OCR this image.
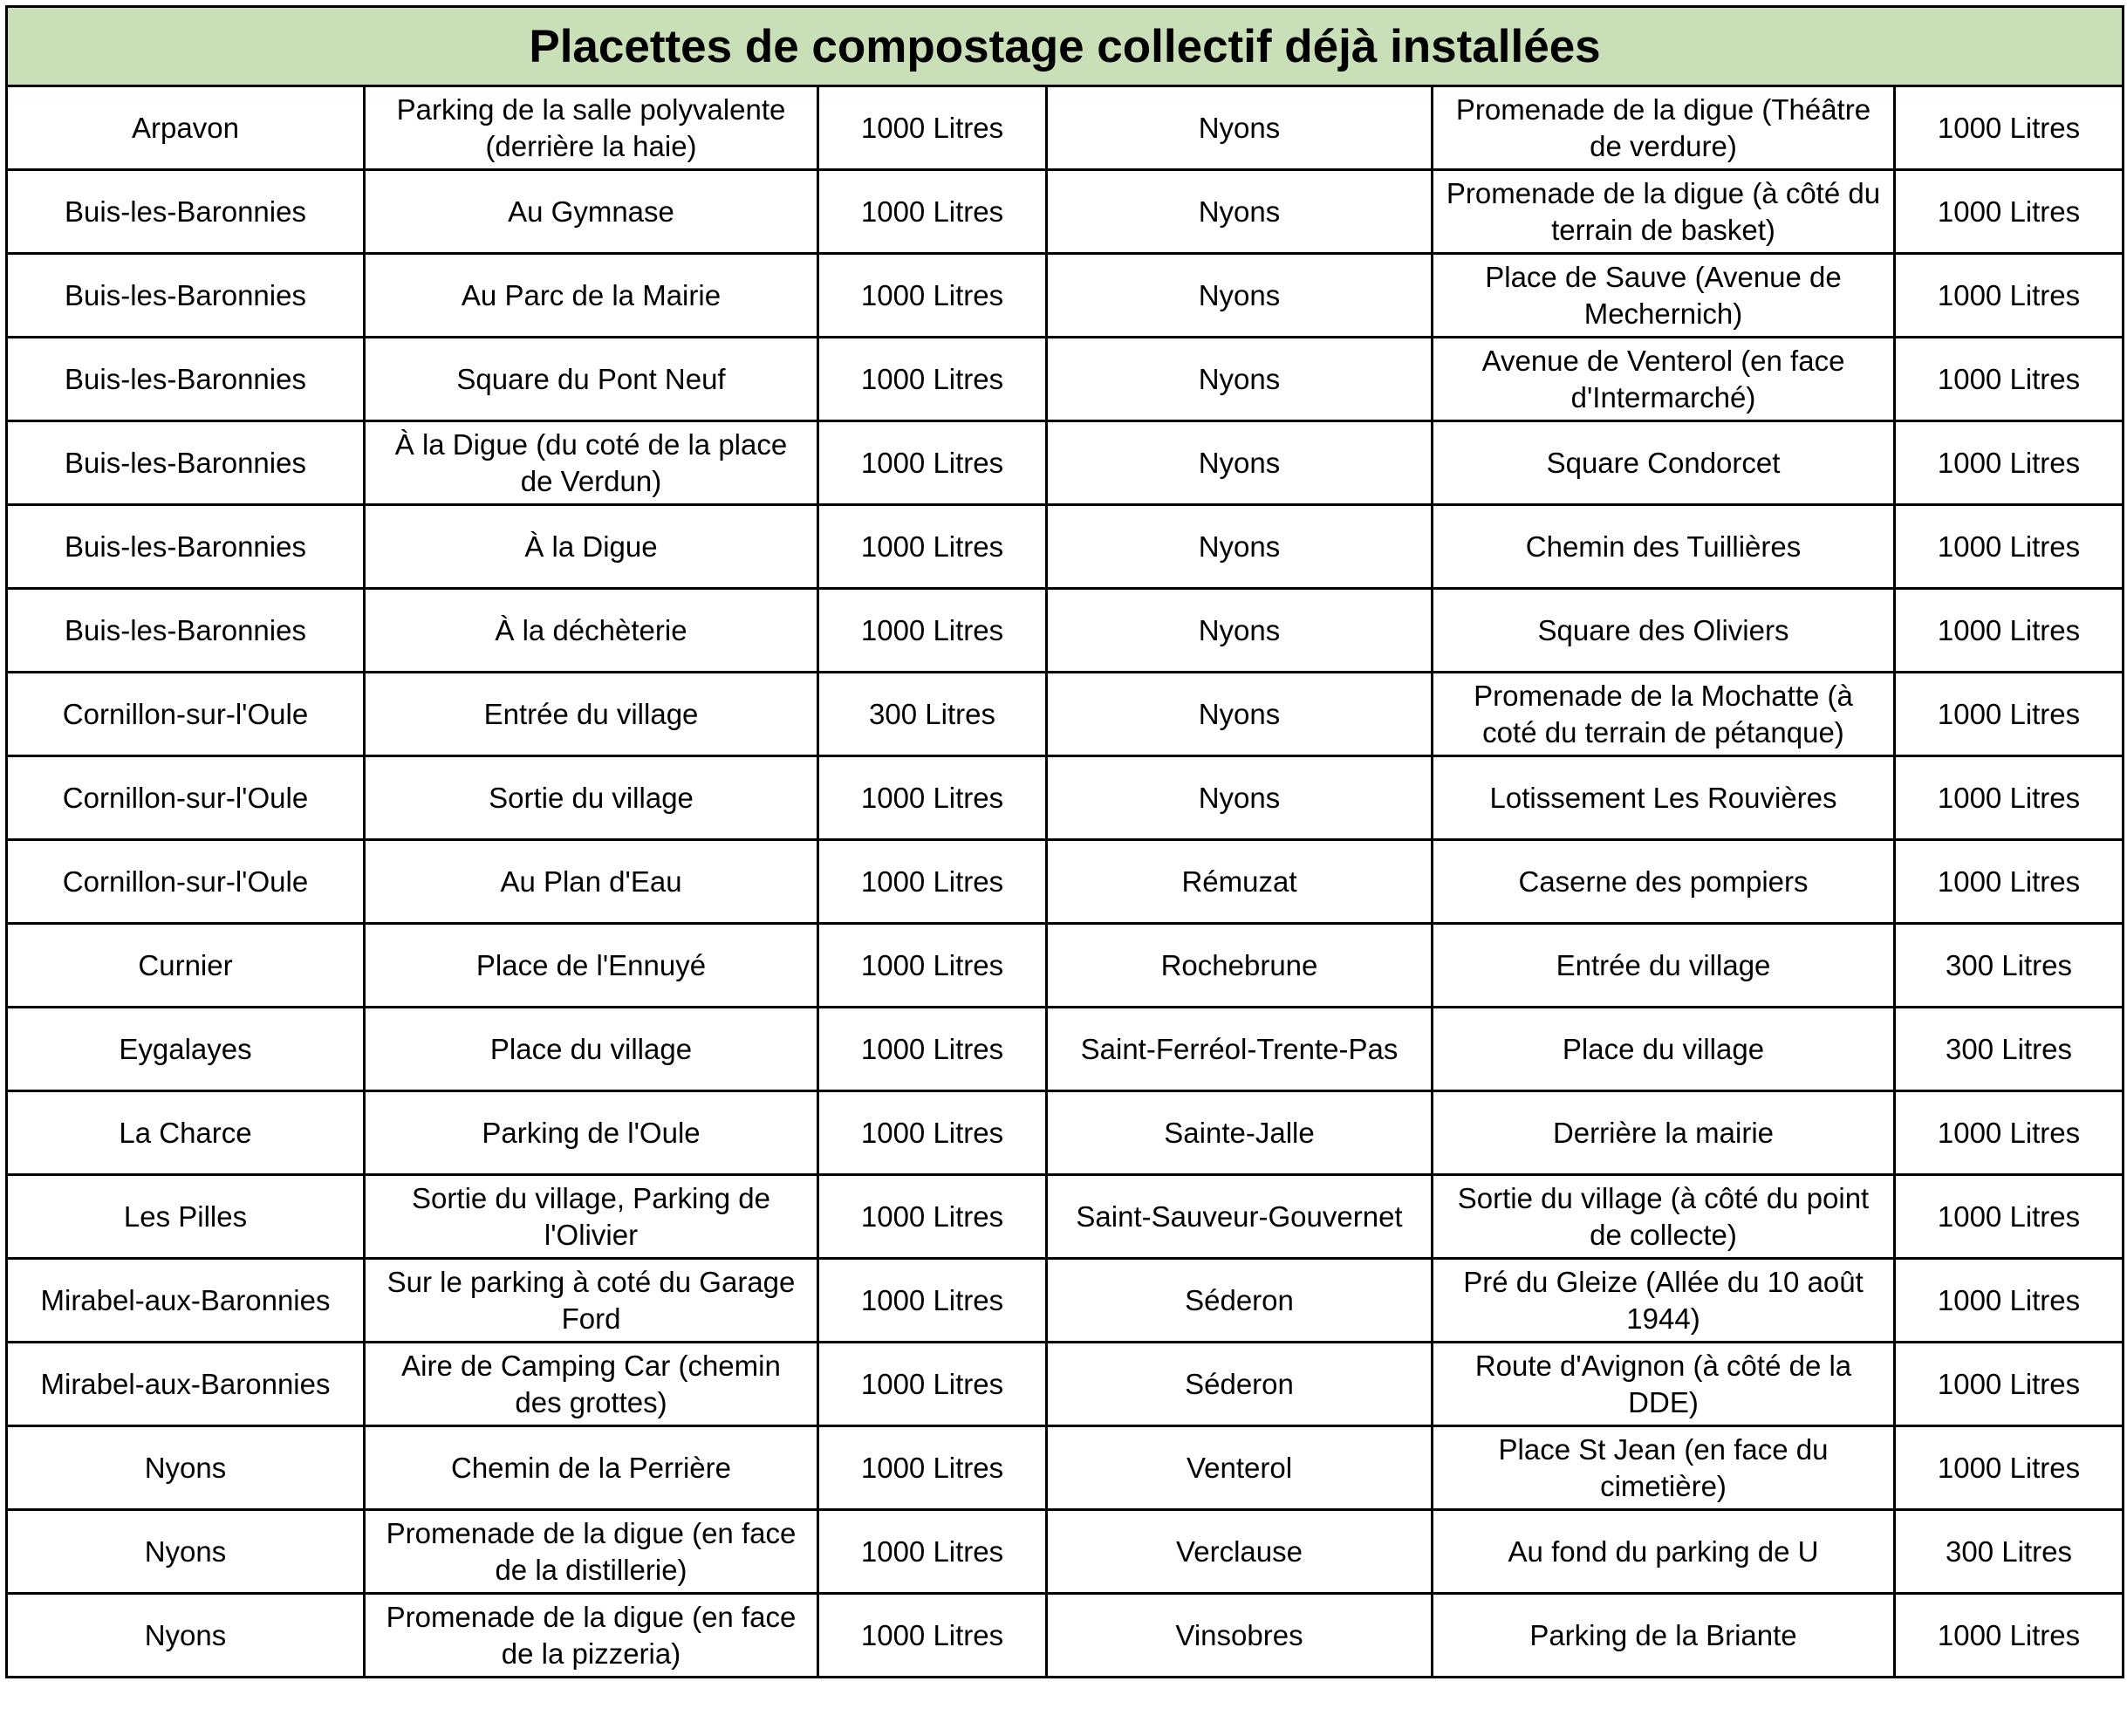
Placettes de compostage collectif déjà installées					
Arpavon	Parking de la salle polyvalente (derrière la haie)	1000 Litres	Nyons	Promenade de la digue (Théâtre de verdure)	1000 Litres
Buis-les-Baronnies	Au Gymnase	1000 Litres	Nyons	Promenade de la digue (à côté du terrain de basket)	1000 Litres
Buis-les-Baronnies	Au Parc de la Mairie	1000 Litres	Nyons	Place de Sauve (Avenue de Mechernich)	1000 Litres
Buis-les-Baronnies	Square du Pont Neuf	1000 Litres	Nyons	Avenue de Venterol (en face d'Intermarché)	1000 Litres
Buis-les-Baronnies	À la Digue (du coté de la place de Verdun)	1000 Litres	Nyons	Square Condorcet	1000 Litres
Buis-les-Baronnies	À la Digue	1000 Litres	Nyons	Chemin des Tuillières	1000 Litres
Buis-les-Baronnies	À la déchèterie	1000 Litres	Nyons	Square des Oliviers	1000 Litres
Cornillon-sur-l'Oule	Entrée du village	300 Litres	Nyons	Promenade de la Mochatte (à coté du terrain de pétanque)	1000 Litres
Cornillon-sur-l'Oule	Sortie du village	1000 Litres	Nyons	Lotissement Les Rouvières	1000 Litres
Cornillon-sur-l'Oule	Au Plan d'Eau	1000 Litres	Rémuzat	Caserne des pompiers	1000 Litres
Curnier	Place de l'Ennuyé	1000 Litres	Rochebrune	Entrée du village	300 Litres
Eygalayes	Place du village	1000 Litres	Saint-Ferréol-Trente-Pas	Place du village	300 Litres
La Charce	Parking de l'Oule	1000 Litres	Sainte-Jalle	Derrière la mairie	1000 Litres
Les Pilles	Sortie du village, Parking de l'Olivier	1000 Litres	Saint-Sauveur-Gouvernet	Sortie du village (à côté du point de collecte)	1000 Litres
Mirabel-aux-Baronnies	Sur le parking à coté du Garage Ford	1000 Litres	Séderon	Pré du Gleize (Allée du 10 août 1944)	1000 Litres
Mirabel-aux-Baronnies	Aire de Camping Car (chemin des grottes)	1000 Litres	Séderon	Route d'Avignon (à côté de la DDE)	1000 Litres
Nyons	Chemin de la Perrière	1000 Litres	Venterol	Place St Jean (en face du cimetière)	1000 Litres
Nyons	Promenade de la digue (en face de la distillerie)	1000 Litres	Verclause	Au fond du parking de U	300 Litres
Nyons	Promenade de la digue (en face de la pizzeria)	1000 Litres	Vinsobres	Parking de la Briante	1000 Litres
